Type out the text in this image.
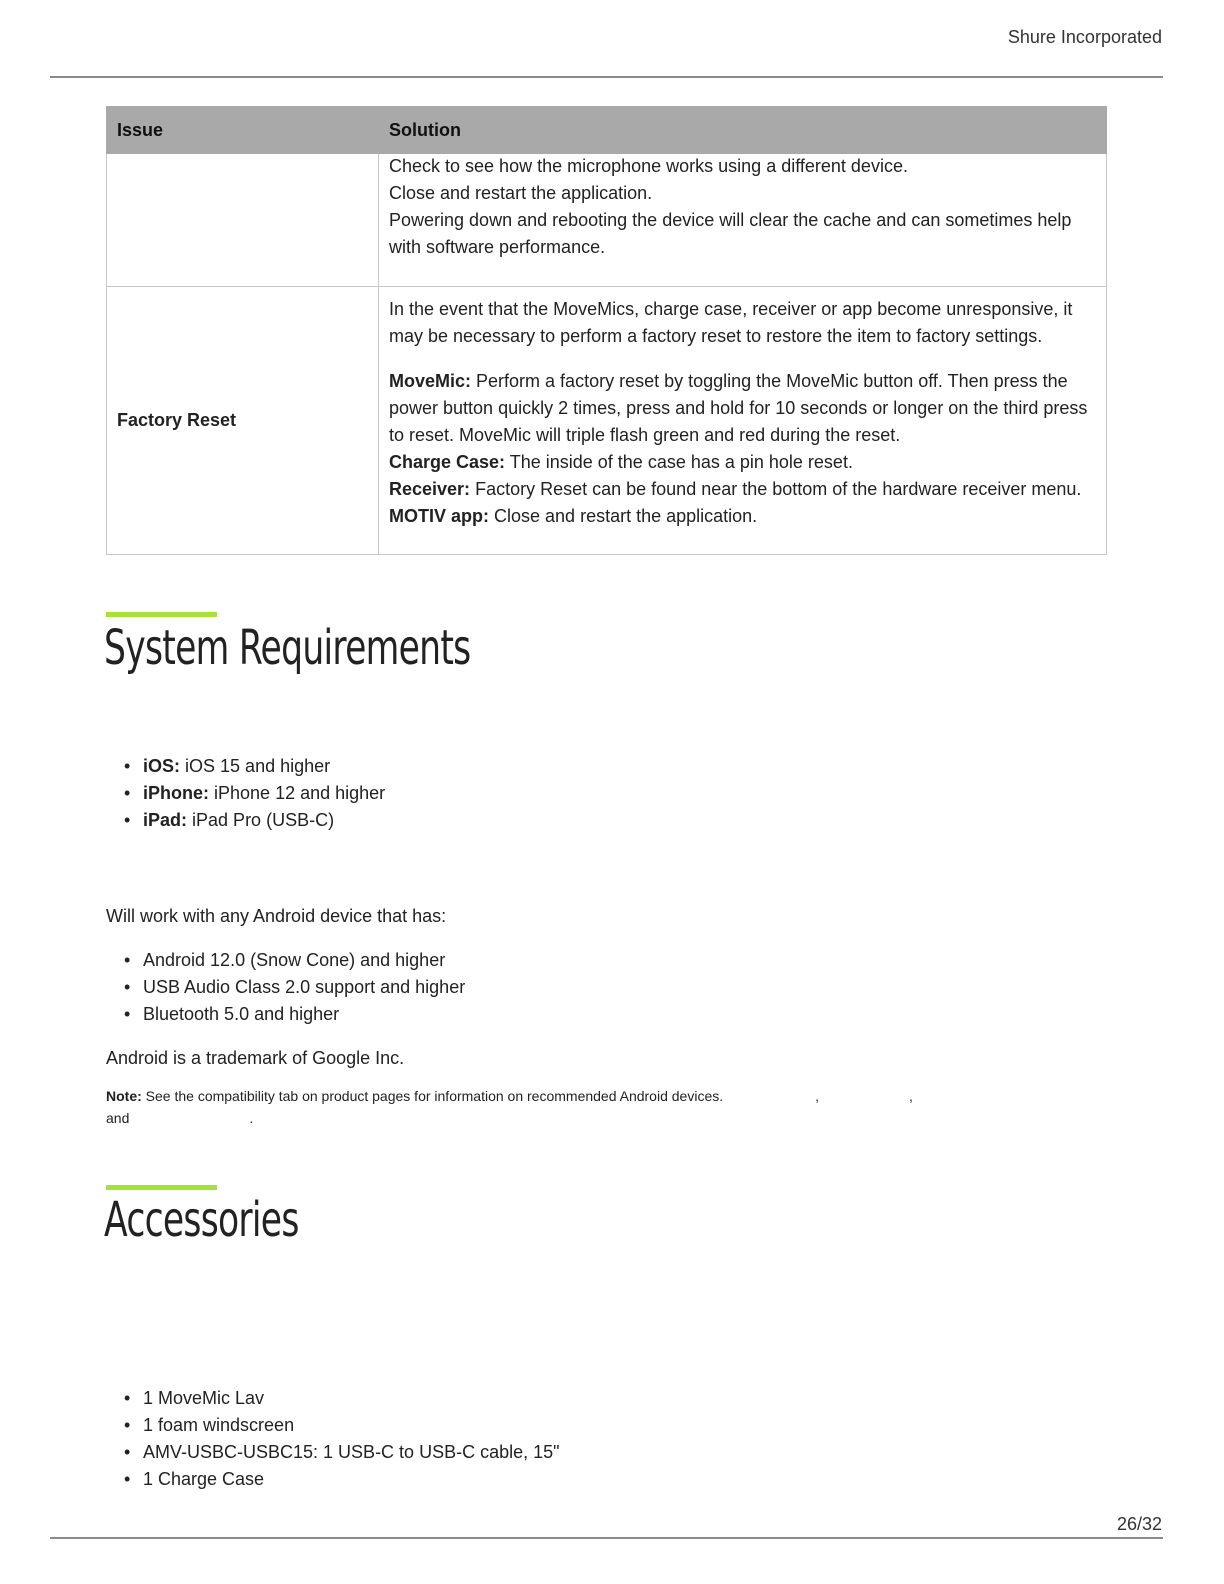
Shure Incorporated
Issue	Solution

	Check to see how the microphone works using a different device.
Close and restart the application.
Powering down and rebooting the device will clear the cache and can sometimes help with software performance.

Factory Reset	In the event that the MoveMics, charge case, receiver or app become unresponsive, it may be necessary to perform a factory reset to restore the item to factory settings.

MoveMic: Perform a factory reset by toggling the MoveMic button off. Then press the power button quickly 2 times, press and hold for 10 seconds or longer on the third press to reset. MoveMic will triple flash green and red during the reset.

Charge Case: The inside of the case has a pin hole reset.

Receiver: Factory Reset can be found near the bottom of the hardware receiver menu.

MOTIV app: Close and restart the application.

System Requirements
• iOS: iOS 15 and higher
• iPhone: iPhone 12 and higher
• iPad: iPad Pro (USB-C)

Will work with any Android device that has:

• Android 12.0 (Snow Cone) and higher
• USB Audio Class 2.0 support and higher
• Bluetooth 5.0 and higher

Android is a trademark of Google Inc.

Note: See the compatibility tab on product pages for information on recommended Android devices.	,	,
and	.

Accessories
• 1 MoveMic Lav
• 1 foam windscreen
• AMV-USBC-USBC15: 1 USB-C to USB-C cable, 15"
• 1 Charge Case
26/32
